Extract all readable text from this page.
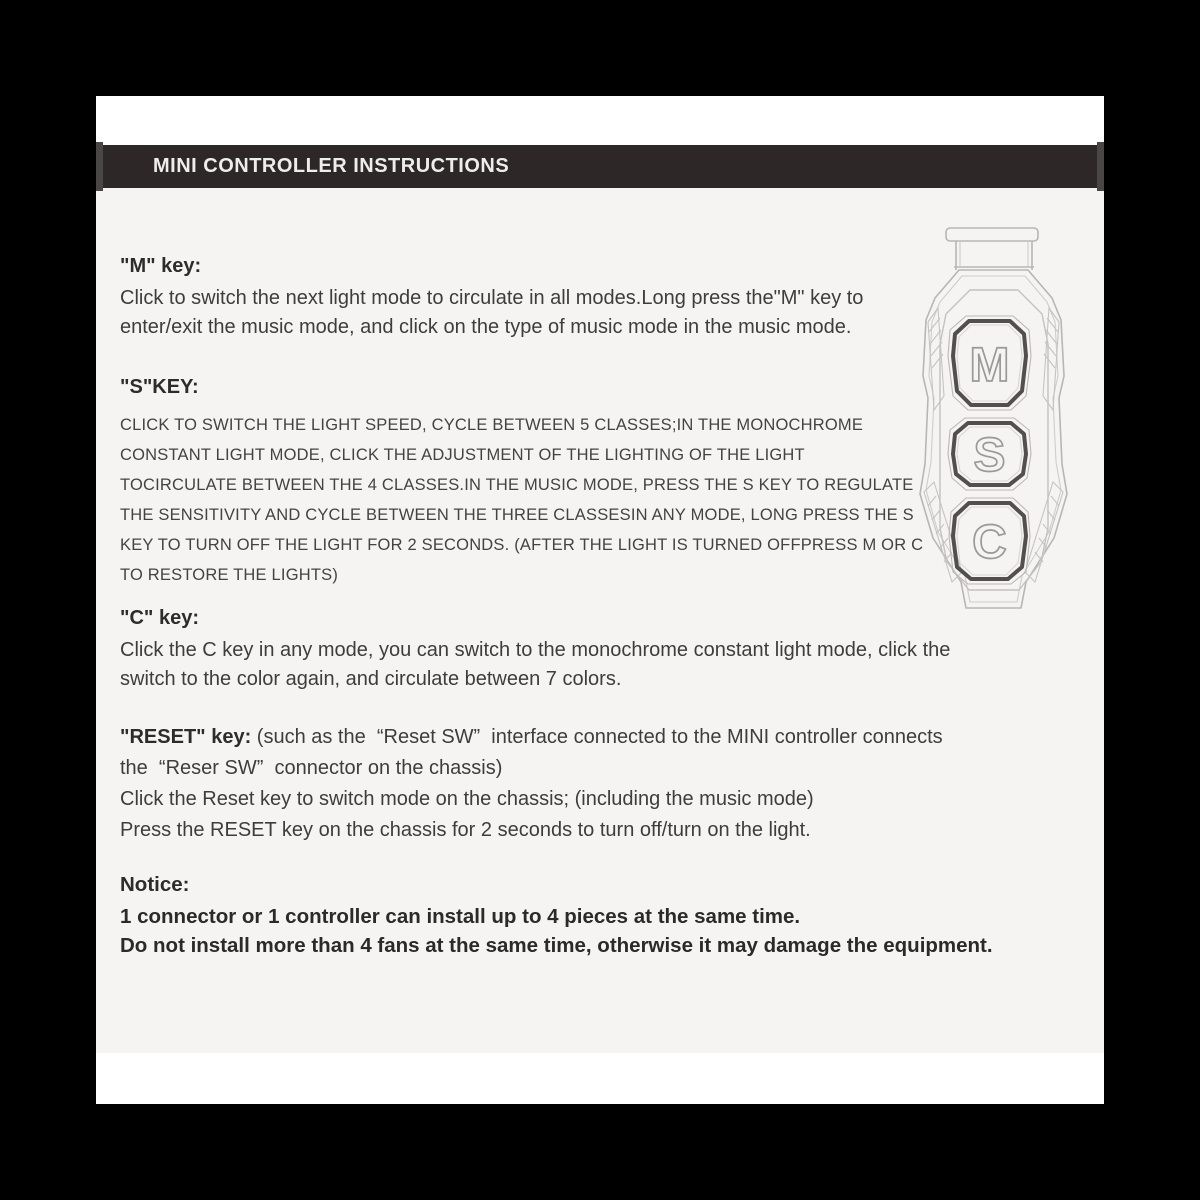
MINI CONTROLLER INSTRUCTIONS
"M" key:
Click to switch the next light mode to circulate in all modes.Long press the"M" key to
enter/exit the music mode, and click on the type of music mode in the music mode.
"S"KEY:
CLICK TO SWITCH THE LIGHT SPEED, CYCLE BETWEEN 5 CLASSES;IN THE MONOCHROME
CONSTANT LIGHT MODE, CLICK THE ADJUSTMENT OF THE LIGHTING OF THE LIGHT
TOCIRCULATE BETWEEN THE 4 CLASSES.IN THE MUSIC MODE, PRESS THE S KEY TO REGULATE
THE SENSITIVITY AND CYCLE BETWEEN THE THREE CLASSESIN ANY MODE, LONG PRESS THE S
KEY TO TURN OFF THE LIGHT FOR 2 SECONDS. (AFTER THE LIGHT IS TURNED OFFPRESS M OR C
TO RESTORE THE LIGHTS)
"C" key:
Click the C key in any mode, you can switch to the monochrome constant light mode, click the
switch to the color again, and circulate between 7 colors.
"RESET" key: (such as the  “Reset SW”  interface connected to the MINI controller connects
the  “Reser SW”  connector on the chassis)
Click the Reset key to switch mode on the chassis; (including the music mode)
Press the RESET key on the chassis for 2 seconds to turn off/turn on the light.
Notice:
1 connector or 1 controller can install up to 4 pieces at the same time.
Do not install more than 4 fans at the same time, otherwise it may damage the equipment.
M
S
C
